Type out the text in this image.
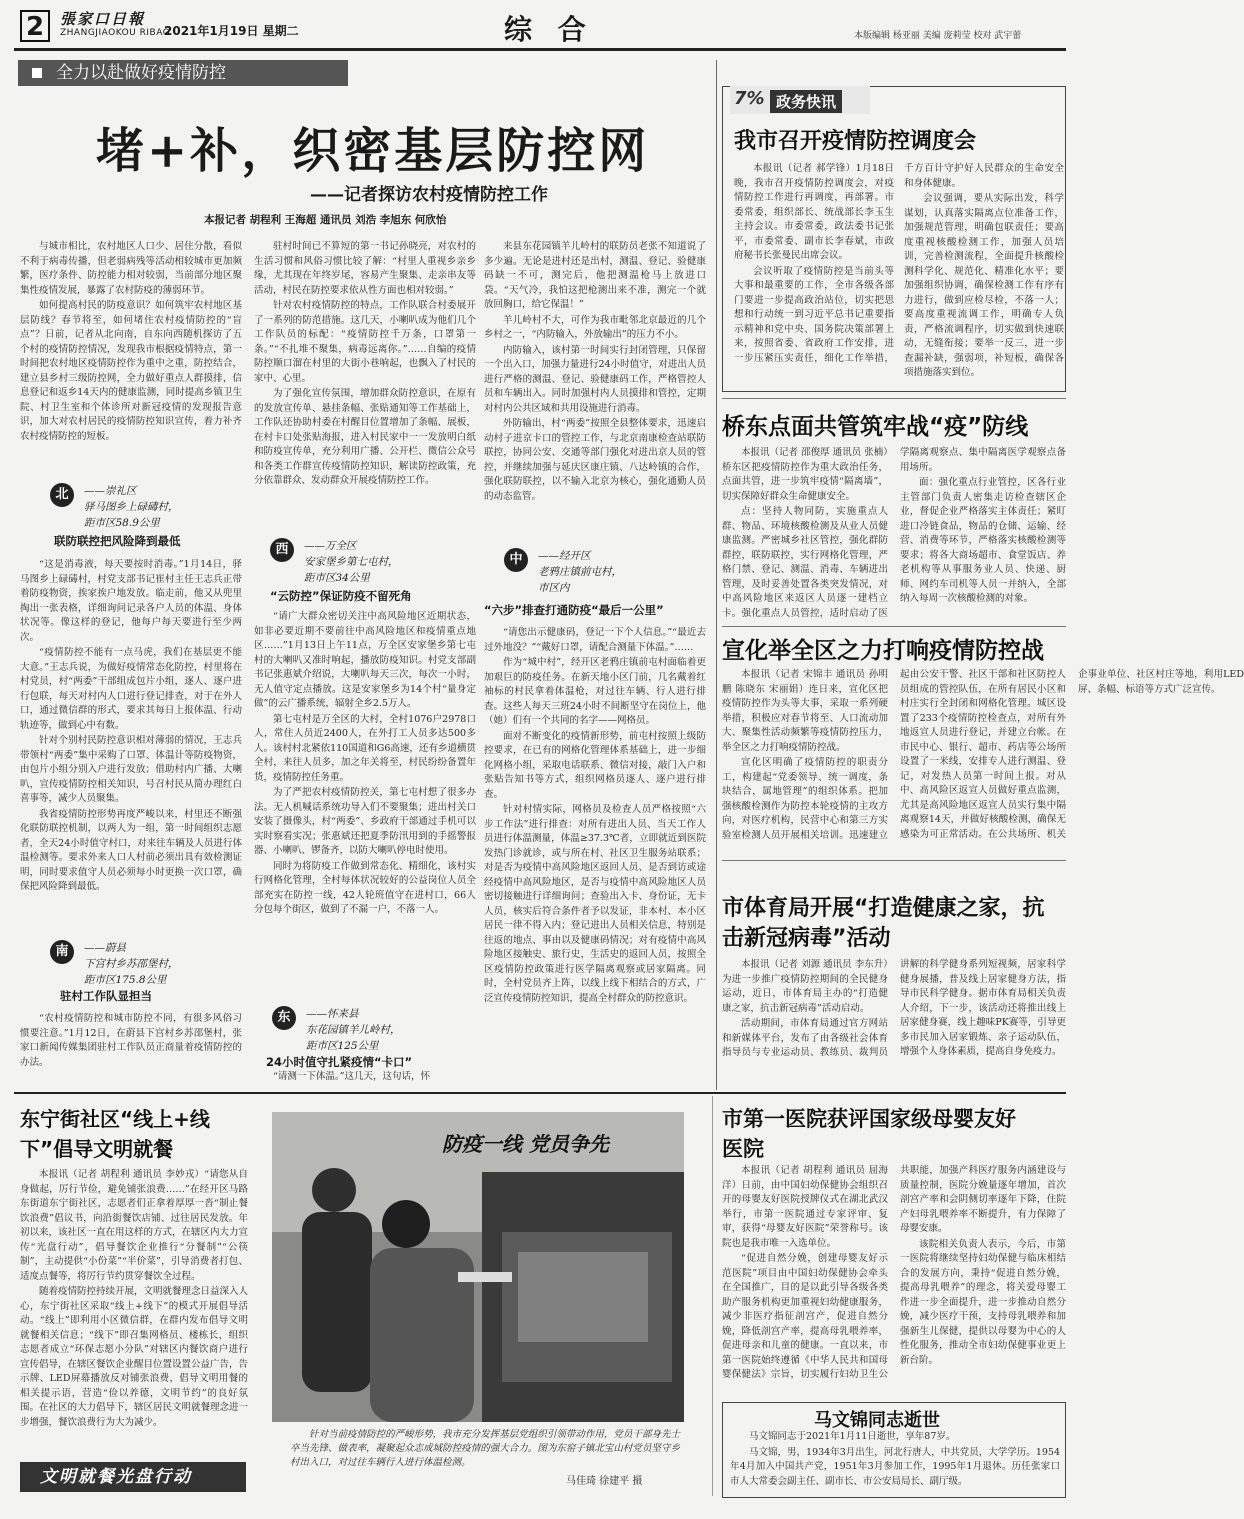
2	張家口日報
ZHANGJIAOKOU RIBAO
2021年1月19日 星期二	综 合	本版编辑 杨亚丽 美编 庞莉莹 校对 武宇蕾
全力以赴做好疫情防控
堵+补，织密基层防控网
——记者探访农村疫情防控工作
本报记者 胡程利 王海超 通讯员 刘浩 李旭东 何欣怡

与城市相比，农村地区人口少、居住分散，看似不利于病毒传播，但老弱病残等活动相较城市更加频繁，医疗条件、防控能力相对较弱，当前部分地区聚集性疫情发展，暴露了农村防疫的薄弱环节。

如何提高村民的防疫意识？如何筑牢农村地区基层防线？春节将至，如何堵住农村疫情防控的“盲点”？日前，记者从北向南，自东向西随机探访了五个村的疫情防控情况，发现我市根据疫情特点，第一时间把农村地区疫情防控作为重中之重，防控结合，建立县乡村三级防控网，全力做好重点人群摸排，信息登记和返乡14天内的健康监测，同时提高乡镇卫生院、村卫生室和个体诊所对新冠疫情的发现报告意识，加大对农村居民的疫情防控知识宣传，着力补齐农村疫情防控的短板。

北 ——崇礼区
驿马图乡上碌碡村，
距市区58.9公里
联防联控把风险降到最低

“这是消毒液，每天要按时消毒。”1月14日，驿马图乡上碌碡村，村党支部书记崔村主任王志兵正带着防疫物资，挨家挨户地发放。临走前，他又从兜里掏出一张表格，详细询问记录各户人员的体温、身体状况等。像这样的登记，他每户每天要进行至少两次。

“疫情防控不能有一点马虎，我们在基层更不能大意。”王志兵说，为做好疫情常态化防控，村里将在村党员，村“两委”干部组成包片小组，逐人、逐户进行包联，每天对村内人口进行登记排查，对于在外人口，通过微信群的形式，要求其每日上报体温、行动轨迹等，做到心中有数。

针对个别村民防控意识相对薄弱的情况，王志兵带领村“两委”集中采购了口罩、体温计等防疫物资，由包片小组分别入户进行发放；借助村内广播、大喇叭，宣传疫情防控相关知识，号召村民从简办理红白喜事等，减少人员聚集。

我省疫情防控形势再度严峻以来，村里还不断强化联防联控机制，以两人为一组，第一时间组织志愿者，全天24小时值守村口，对来往车辆及人员进行体温检测等。要求外来人口人村前必须出具有效检测证明，同时要求值守人员必须每小时更换一次口罩，确保把风险降到最低。

南 ——蔚县
下宫村乡苏邵堡村，
距市区175.8公里
驻村工作队显担当

“农村疫情防控和城市防控不同，有很多风俗习惯要注意。”1月12日，在蔚县下宫村乡苏邵堡村，张家口新闻传媒集团驻村工作队员正商量着疫情防控的办法。

驻村时间已不算短的第一书记孙晓亮，对农村的生活习惯和风俗习惯比较了解：“村里人重视乡亲乡缘，尤其现在年终岁尾，容易产生聚集、走亲串友等活动，村民在防控要求依从性方面也相对较弱。”

针对农村疫情防控的特点，工作队联合村委展开了一系列的防范措施。这几天，小喇叭成为他们几个工作队员的标配：“疫情防控千万条，口罩第一条。”“不扎堆不聚集，病毒远离你。”……自编的疫情防控顺口溜在村里的大街小巷响起，也飘入了村民的家中、心里。

为了强化宣传氛围，增加群众防控意识，在原有的发放宣传单、悬挂条幅、张贴通知等工作基础上，工作队还协助村委在村醒目位置增加了条幅、展板，在村卡口处张贴海报，进入村民家中一一发放明白纸和防疫宣传单，充分利用广播、公开栏、微信公众号和各类工作群宣传疫情防控知识，解读防控政策，充分依靠群众、发动群众开展疫情防控工作。

西 ——万全区
安家堡乡第七屯村，
距市区34公里
“云防控”保证防疫不留死角

“请广大群众密切关注中高风险地区近期状态，如非必要近期不要前往中高风险地区和疫情重点地区……”1月13日上午11点，万全区安家堡乡第七屯村的大喇叭又准时响起，播放防疫知识。村党支部副书记张惠斌介绍说，大喇叭每天三次，每次一小时，无人值守定点播放。这是安家堡乡为14个村“量身定做”的云广播系统，辐射全乡2.5万人。

第七屯村是万全区的大村，全村1076户2978口人，常住人员近2400人，在外打工人员多达500多人。该村村北紧依110国道和G6高速，还有乡道横贯全村，来往人员多，加之年关将至，村民纷纷备置年货，疫情防控任务重。

为了严把农村疫情防控关，第七屯村想了很多办法。无人机喊话系统功导入们不要聚集；进出村关口安装了摄像头，村“两委”、乡政府干部通过手机可以实时察看实况；张惠斌还把夏季防汛用到的手摇警报器、小喇叭、锣备齐，以防大喇叭停电时使用。

同时为将防疫工作做到常态化、精细化，该村实行网格化管理，全村每体状况较好的公益岗位人员全部充实在防控一线，42人轮班值守在进村口，66人分包每个街区，做到了不漏一户，不落一人。

东 ——怀来县
东花园镇羊儿岭村，
距市区125公里
24小时值守扎紧疫情“卡口”

“请测一下体温。”这几天，这句话，怀

来县东花园镇羊儿岭村的联防员老张不知道说了多少遍。无论是进村还是出村，测温、登记、验健康码缺一不可，测完后，他把测温枪马上放进口袋。“天气冷，我怕这把枪测出来不准，测完一个就放回胸口，给它保温！”

羊儿岭村不大，可作为我市毗邻北京最近的几个乡村之一，“内防输入，外放输出”的压力不小。

内防输入，该村第一时间实行封闭管理，只保留一个出入口，加强力量进行24小时值守，对进出人员进行严格的测温、登记、验健康码工作，严格管控人员和车辆出入。同时加强村内人员摸排和管控，定期对村内公共区域和共用设施进行消毒。

外防输出，村“两委”按照全县整体要求，迅速启动村子进京卡口的管控工作，与北京南康检查站联防联控，协同公安、交通等部门强化对进出京人员的管控，并继续加强与延庆区康庄镇、八达岭镇的合作，强化联防联控，以不输入北京为核心，强化通勤人员的动态监管。

中 ——经开区
老鸦庄镇前屯村，
市区内
“六步”排查打通防疫“最后一公里”

“请您出示健康码，登记一下个人信息。”“最近去过外地没？”“戴好口罩，请配合测量下体温。”……

作为“城中村”，经开区老鸦庄镇前屯村面临着更加艰巨的防疫任务。在新天地小区门前，几名戴着红袖标的村民拿着体温枪，对过往车辆、行人进行排查。这些人每天三班24小时不间断坚守在岗位上，他（她）们有一个共同的名字——网格员。

面对不断变化的疫情新形势，前屯村按照上级防控要求，在已有的网格化管理体系基础上，进一步细化网格小组，采取电话联系、微信对接，敲门入户和张贴告知书等方式，组织网格员逐人、逐户进行排查。

针对村情实际，网格员及检查人员严格按照“六步工作法”进行排查：对所有进出人员、当天工作人员进行体温测量，体温≥37.3℃者，立即就近到医院发热门诊就诊，或与所在村、社区卫生服务站联系；对是否为疫情中高风险地区返回人员、是否到访或途经疫情中高风险地区，是否与疫情中高风险地区人员密切接触进行详细询问；查验出入卡、身份证，无卡人员，核实后符合条件者予以发证，非本村、本小区居民一律不得入内；登记进出人员相关信息，特别是往返的地点、事由以及健康码情况；对有疫情中高风险地区接触史、旅行史，生活史的返回人员，按照全区疫情防控政策进行医学隔离观察或居家隔离。同时，全村党员齐上阵，以线上线下相结合的方式，广泛宣传疫情防控知识，提高全村群众的防控意识。

7% 政务快讯
我市召开疫情防控调度会

本报讯（记者 郝学锋）1月18日晚，我市召开疫情防控调度会，对疫情防控工作进行再调度，再部署。市委常委，组织部长、统战部长李玉生主持会议。市委常委，政法委书记张平，市委常委、副市长李春斌，市政府秘书长张曼民出席会议。

会议听取了疫情防控是当前头等大事和最重要的工作，全市各级各部门要进一步提高政治站位，切实把思想和行动统一到习近平总书记重要指示精神和党中央、国务院决策部署上来，按照省委、省政府工作安排，进一步压紧压实责任，细化工作举措，千方百计守护好人民群众的生命安全和身体健康。

会议强调，要从实际出发，科学谋划，认真落实隔离点位准备工作，加强规范管理，明确包联责任；要高度重视核酸检测工作，加强人员培训，完善检测流程，全面提升核酸检测科学化、规范化、精准化水平；要加强组织协调，确保检测工作有序有力进行，做到应检尽检，不落一人；要高度重视流调工作，明确专人负责，严格流调程序，切实做到快速联动，无缝衔接；要举一反三，进一步查漏补缺，强弱项，补短板，确保各项措施落实到位。

桥东点面共管筑牢战“疫”防线

本报讯（记者 邵俊厚 通讯员 张楠）桥东区把疫情防控作为重大政治任务，点面共管，进一步筑牢疫情“隔离墙”，切实保障好群众生命健康安全。

点：坚持人物同防，实施重点人群、物品、环境核酸检测及从业人员健康监测。严密城乡社区管控，强化群防群控，联防联控，实行网格化管理，严格门禁、登记、测温、消毒、车辆进出管理，及时妥善处置各类突发情况，对中高风险地区来返区人员逐一建档立卡。强化重点人员管控，适时启动了医学隔离观察点、集中隔离医学观察点备用场所。

面：强化重点行业管控，区各行业主管部门负责人密集走访检查辖区企业，督促企业严格落实主体责任；紧盯进口冷链食品，物品的仓储、运输、经营、消费等环节，严格落实核酸检测等要求；将各大商场超市、食堂饭店、养老机构等从事服务业人员、快递、厨师、网约车司机等人员一并纳入，全部纳入每周一次核酸检测的对象。

宣化举全区之力打响疫情防控战

本报讯（记者 宋锦丰 通讯员 孙明鹏 陈晓东 宋丽娟）连日来，宣化区把疫情防控作为头等大事，采取一系列硬举措，积极应对春节将至、人口流动加大、聚集性活动频繁等疫情防控压力，举全区之力打响疫情防控战。

宣化区明确了疫情防控的职责分工，构建起“党委领导、统一调度，条块结合，属地管理”的组织体系。把加强核酸检测作为防控本轮疫情的主攻方向，对医疗机构，民营中心和第三方实验室检测人员开展相关培训。迅速建立起由公安干警、社区干部和社区防控人员组成的管控队伍，在所有居民小区和村庄实行全封闭和网格化管理。城区设置了233个疫情防控检查点，对所有外地返宣人员进行登记，并建立台帐。在市民中心、银行、超市、药店等公场所设置了一米线，安排专人进行测温、登记，对发热人员第一时间上报。对从中、高风险区返宣人员做好重点监测，尤其是高风险地区返宣人员实行集中隔离观察14天，并做好核酸检测，确保无感染为可正常活动。在公共场所、机关企事业单位、社区村庄等地，利用LED屏、条幅、标语等方式广泛宣传。

市体育局开展“打造健康之家，抗击新冠病毒”活动

本报讯（记者 刘源 通讯员 李东升）为进一步推广疫情防控期间的全民健身运动，近日，市体育局主办的“打造健康之家，抗击新冠病毒”活动启动。

活动期间，市体育局通过官方网站和新媒体平台，发布了由各级社会体育指导员与专业运动员、教练员、裁判员讲解的科学健身系列短视频，居家科学健身展播，普及线上居家健身方法，指导市民科学健身。据市体育局相关负责人介绍，下一步，该活动还将推出线上居家健身赛，线上趣味PK赛等，引导更多市民加入居家锻炼、亲子运动队伍，增强个人身体素质，提高自身免疫力。

东宁街社区“线上+线下”倡导文明就餐

本报讯（记者 胡程利 通讯员 李妙戎）“请您从自身做起，厉行节俭，避免铺张浪费……”在经开区马路东街道东宁街社区，志愿者们正拿着厚厚一沓“制止餐饮浪费”倡议书，向沿街餐饮店铺、过往居民发放。年初以来，该社区一直在用这样的方式，在辖区内大力宣传“光盘行动”，倡导餐饮企业推行“分餐制”“公筷制”，主动提供“小份菜”“半价菜”，引导消费者打包、适度点餐等，将厉行节约贯穿餐饮全过程。

随着疫情防控持续开展，文明就餐理念日益深入人心，东宁街社区采取“线上+线下”的模式开展倡导活动。“线上”即利用小区微信群，在群内发布倡导文明就餐相关信息；“线下”即召集网格员、楼栋长，组织志愿者成立“环保志愿小分队”对辖区内餐饮商户进行宣传倡导，在辖区餐饮企业醒目位置设置公益广告，告示牌、LED屏幕播放反对铺张浪费，倡导文明用餐的相关提示语，营造“俭以养德，文明节约”的良好氛围。在社区的大力倡导下，辖区居民文明就餐理念进一步增强，餐饮浪费行为大为减少。

文明就餐光盘行动
防疫一线 党员争先
针对当前疫情防控的严峻形势，我市充分发挥基层党组织引领带动作用，党员干部身先士卒当先锋、做表率，凝聚起众志成城防控疫情的强大合力。图为东窑子镇北宝山村党员坚守乡村出入口，对过往车辆行人进行体温检测。
马佳琦 徐建平 摄
市第一医院获评国家级母婴友好医院

本报讯（记者 胡程利 通讯员 屈海洋）日前，由中国妇幼保健协会组织召开的母婴友好医院授牌仪式在湖北武汉举行，市第一医院通过专家评审、复审，获得“母婴友好医院”荣誉称号。该院也是我市唯一入选单位。

“促进自然分娩，创建母婴友好示范医院”项目由中国妇幼保健协会牵头在全国推广，目的是以此引导各级各类助产服务机构更加重视妇幼健康服务，减少非医疗指征剖宫产，促进自然分娩，降低剖宫产率，提高母乳喂养率，促进母亲和儿童的健康。一直以来，市第一医院始终遵循《中华人民共和国母婴保健法》宗旨，切实履行妇幼卫生公共职能，加强产科医疗服务内涵建设与质量控制，医院分娩量逐年增加，首次剖宫产率和会阴侧切率逐年下降，住院产妇母乳喂养率不断提升，有力保障了母婴安康。

该院相关负责人表示，今后，市第一医院将继续坚持妇幼保健与临床相结合的发展方向，秉持“促进自然分娩，提高母乳喂养”的理念，将关爱母婴工作进一步全面提升，进一步推动自然分娩，减少医疗干预，支持母乳喂养和加强新生儿保健，提供以母婴为中心的人性化服务，推动全市妇幼保健事业更上新台阶。

马文锦同志逝世

马文锦同志于2021年1月11日逝世，享年87岁。

马文锦，男，1934年3月出生，河北行唐人，中共党员，大学学历。1954年4月加入中国共产党，1951年3月参加工作，1995年1月退休。历任张家口市人大常委会副主任、副市长、市公安局局长、副厅级。
